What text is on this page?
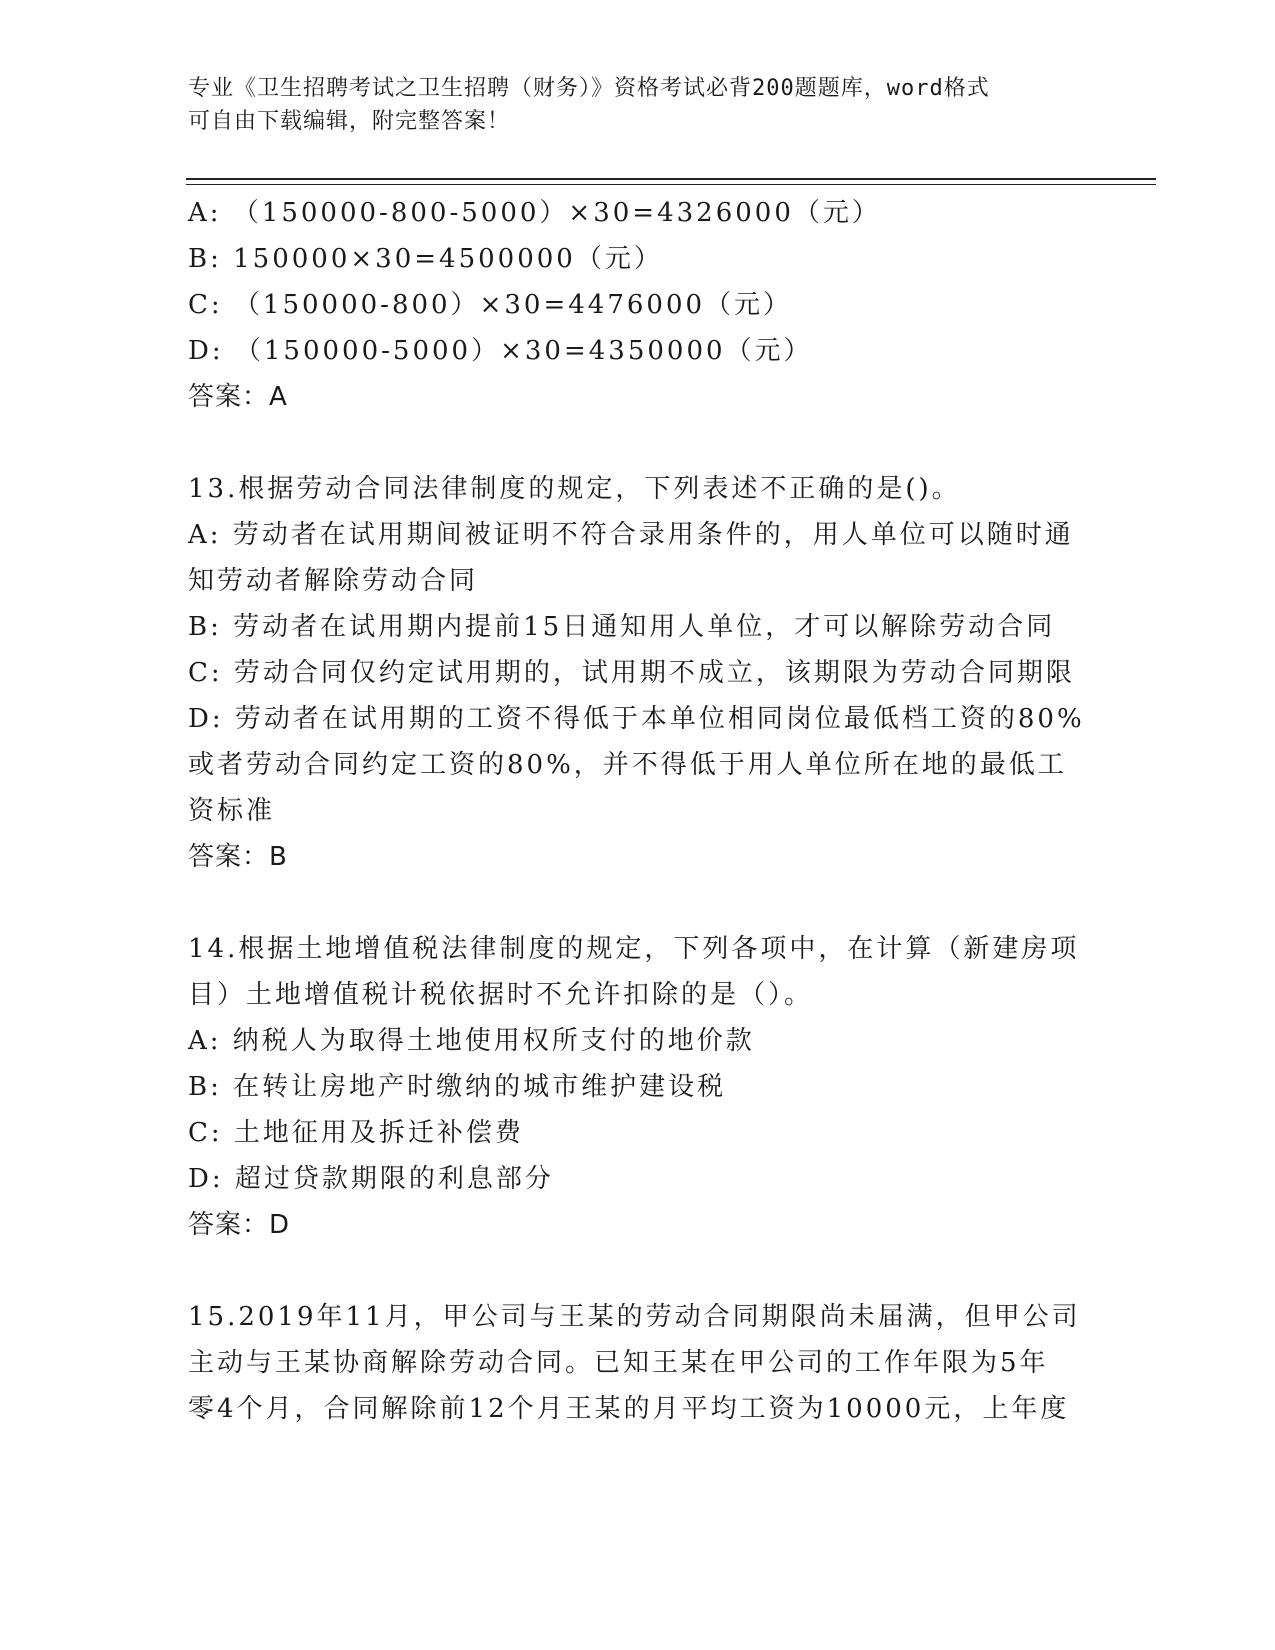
专业《卫生招聘考试之卫生招聘（财务）》资格考试必背200题题库，word格式
可自由下载编辑，附完整答案！
A: （150000-800-5000）×30=4326000（元）
B: 150000×30=4500000（元）
C: （150000-800）×30=4476000（元）
D: （150000-5000）×30=4350000（元）
答案：A
13.根据劳动合同法律制度的规定，下列表述不正确的是()。
A: 劳动者在试用期间被证明不符合录用条件的，用人单位可以随时通
知劳动者解除劳动合同
B: 劳动者在试用期内提前15日通知用人单位，才可以解除劳动合同
C: 劳动合同仅约定试用期的，试用期不成立，该期限为劳动合同期限
D: 劳动者在试用期的工资不得低于本单位相同岗位最低档工资的80%
或者劳动合同约定工资的80%，并不得低于用人单位所在地的最低工
资标准
答案：B
14.根据土地增值税法律制度的规定，下列各项中，在计算（新建房项
目）土地增值税计税依据时不允许扣除的是（）。
A: 纳税人为取得土地使用权所支付的地价款
B: 在转让房地产时缴纳的城市维护建设税
C: 土地征用及拆迁补偿费
D: 超过贷款期限的利息部分
答案：D
15.2019年11月，甲公司与王某的劳动合同期限尚未届满，但甲公司
主动与王某协商解除劳动合同。已知王某在甲公司的工作年限为5年
零4个月，合同解除前12个月王某的月平均工资为10000元，上年度
